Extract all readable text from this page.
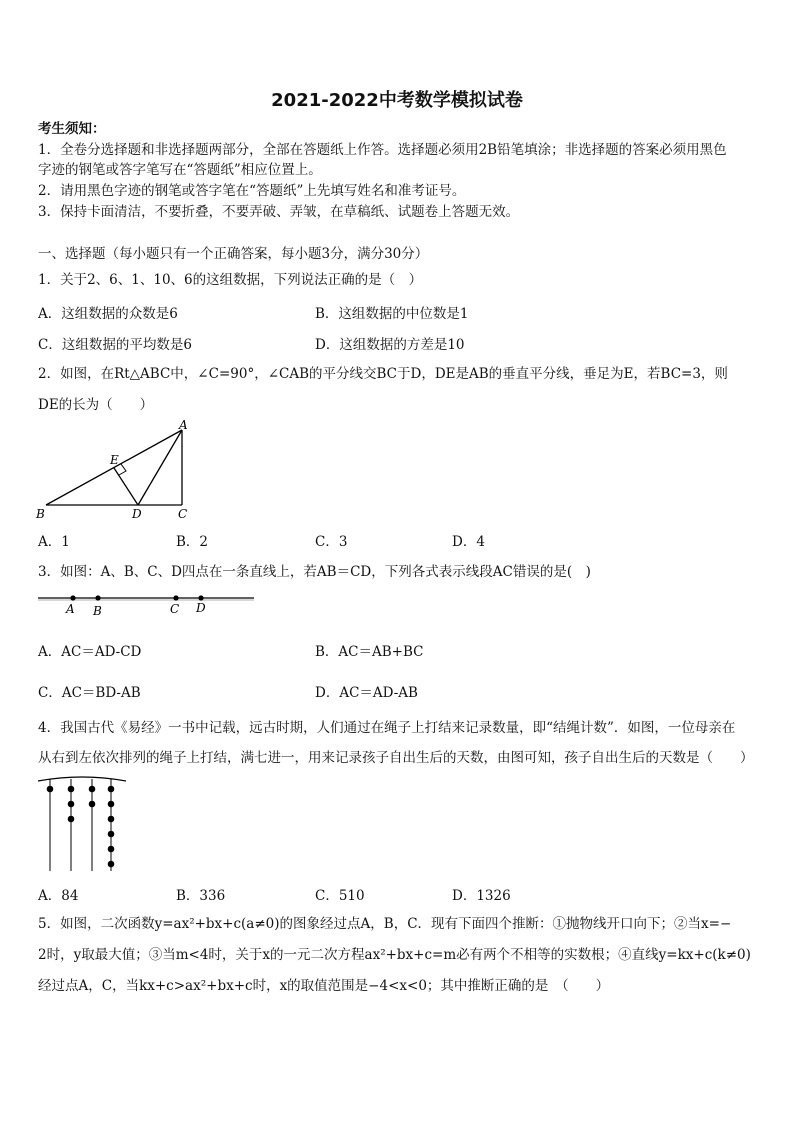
2021-2022中考数学模拟试卷
考生须知：
1．全卷分选择题和非选择题两部分，全部在答题纸上作答。选择题必须用2B铅笔填涂；非选择题的答案必须用黑色
字迹的钢笔或答字笔写在“答题纸”相应位置上。
2．请用黑色字迹的钢笔或答字笔在“答题纸”上先填写姓名和准考证号。
3．保持卡面清洁，不要折叠，不要弄破、弄皱，在草稿纸、试题卷上答题无效。
一、选择题（每小题只有一个正确答案，每小题3分，满分30分）
1．关于2、6、1、10、6的这组数据，下列说法正确的是（　）
A．这组数据的众数是6	B．这组数据的中位数是1
C．这组数据的平均数是6	D．这组数据的方差是10
2．如图，在Rt△ABC中，∠C=90°，∠CAB的平分线交BC于D，DE是AB的垂直平分线，垂足为E，若BC=3，则
DE的长为（　　）
A
B	C
D
E
A．1	B．2	C．3	D．4
3．如图：A、B、C、D四点在一条直线上，若AB＝CD，下列各式表示线段AC错误的是(　)
A B	C D
A．AC＝AD-CD	B．AC＝AB+BC
C．AC＝BD-AB	D．AC＝AD-AB
4．我国古代《易经》一书中记载，远古时期，人们通过在绳子上打结来记录数量，即“结绳计数”．如图，一位母亲在
从右到左依次排列的绳子上打结，满七进一，用来记录孩子自出生后的天数，由图可知，孩子自出生后的天数是（　　）
A．84	B．336	C．510	D．1326
5．如图，二次函数y=ax²+bx+c(a≠0)的图象经过点A，B，C．现有下面四个推断：①抛物线开口向下；②当x=−
2时，y取最大值；③当m<4时，关于x的一元二次方程ax²+bx+c=m必有两个不相等的实数根；④直线y=kx+c(k≠0)
经过点A，C，当kx+c>ax²+bx+c时，x的取值范围是−4<x<0；其中推断正确的是　（　　）
